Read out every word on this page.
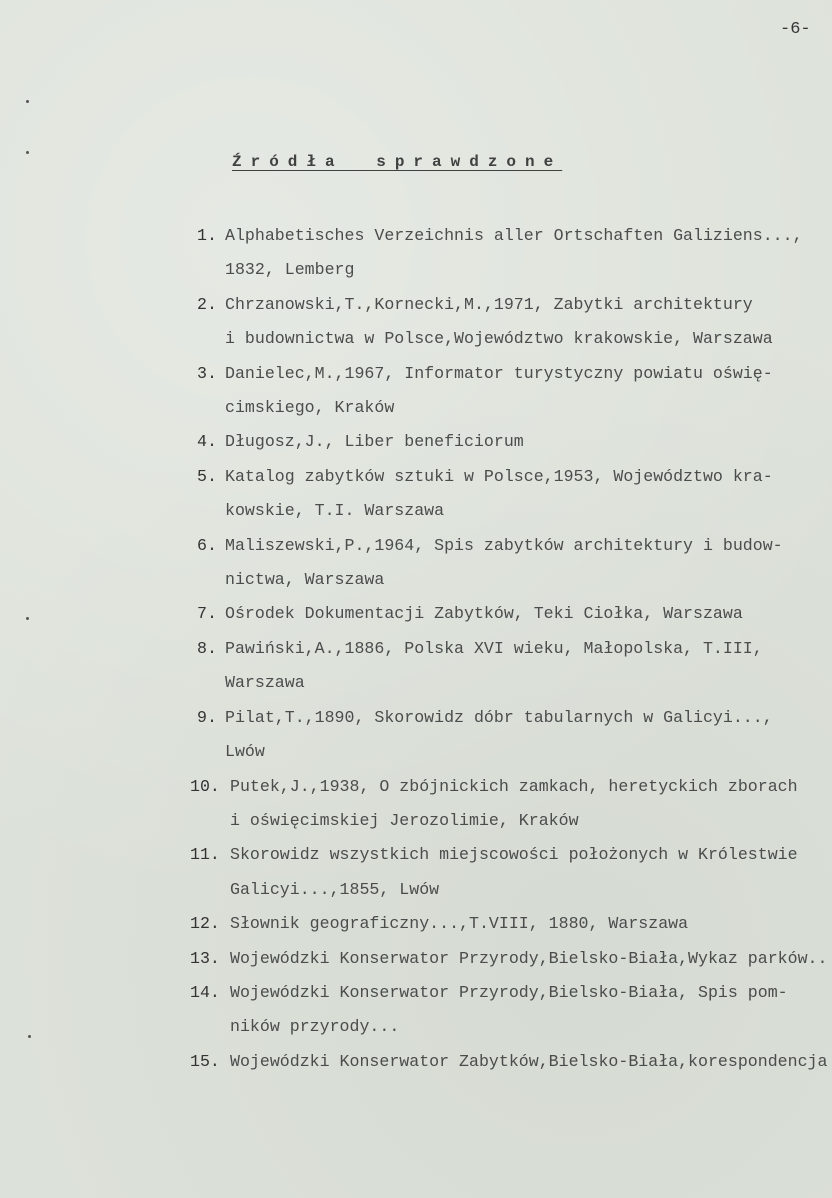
-6-
Źródła sprawdzone
1. Alphabetisches Verzeichnis aller Ortschaften Galiziens...,
1832, Lemberg
2. Chrzanowski,T.,Kornecki,M.,1971, Zabytki architektury
i budownictwa w Polsce,Województwo krakowskie, Warszawa
3. Danielec,M.,1967, Informator turystyczny powiatu oświę-
cimskiego, Kraków
4. Długosz,J., Liber beneficiorum
5. Katalog zabytków sztuki w Polsce,1953, Województwo kra-
kowskie, T.I. Warszawa
6. Maliszewski,P.,1964, Spis zabytków architektury i budow-
nictwa, Warszawa
7. Ośrodek Dokumentacji Zabytków, Teki Ciołka, Warszawa
8. Pawiński,A.,1886, Polska XVI wieku, Małopolska, T.III,
Warszawa
9. Pilat,T.,1890, Skorowidz dóbr tabularnych w Galicyi...,
Lwów
10. Putek,J.,1938, O zbójnickich zamkach, heretyckich zborach
i oświęcimskiej Jerozolimie, Kraków
11. Skorowidz wszystkich miejscowości położonych w Królestwie
Galicyi...,1855, Lwów
12. Słownik geograficzny...,T.VIII, 1880, Warszawa
13. Wojewódzki Konserwator Przyrody,Bielsko-Biała,Wykaz parków..
14. Wojewódzki Konserwator Przyrody,Bielsko-Biała, Spis pom-
ników przyrody...
15. Wojewódzki Konserwator Zabytków,Bielsko-Biała,korespondencja
